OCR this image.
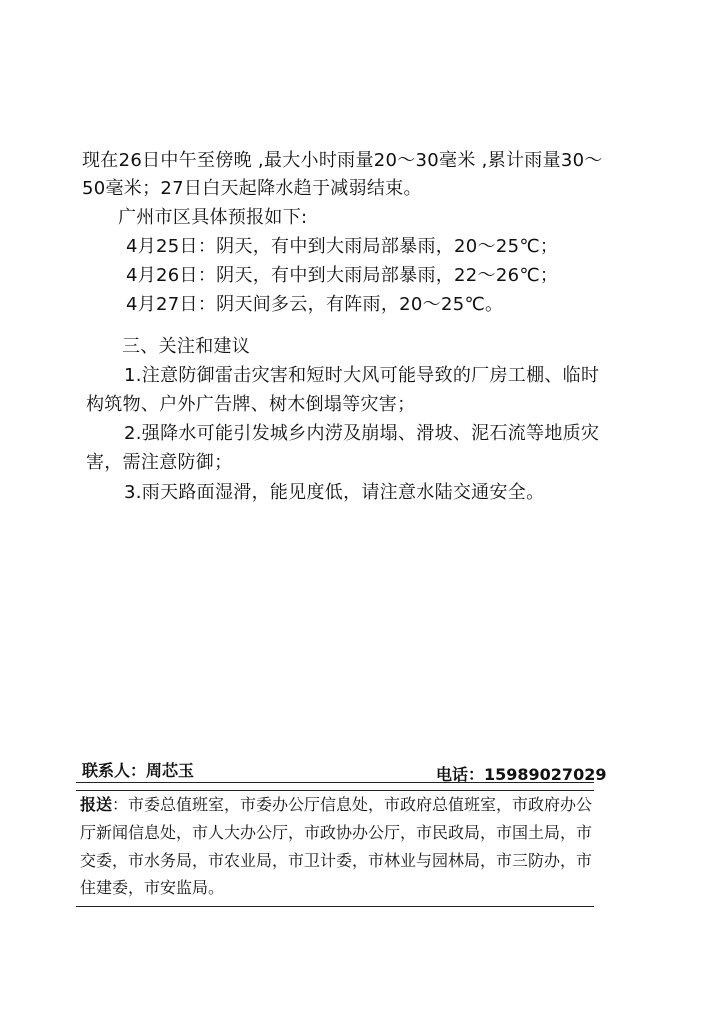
现在26日中午至傍晚 ,最大小时雨量20～30毫米 ,累计雨量30～
50毫米；27日白天起降水趋于减弱结束。
广州市区具体预报如下:
4月25日：阴天，有中到大雨局部暴雨，20～25℃；
4月26日：阴天，有中到大雨局部暴雨，22～26℃；
4月27日：阴天间多云，有阵雨，20～25℃。
三、关注和建议
1.注意防御雷击灾害和短时大风可能导致的厂房工棚、临时
构筑物、户外广告牌、树木倒塌等灾害；
2.强降水可能引发城乡内涝及崩塌、滑坡、泥石流等地质灾
害，需注意防御；
3.雨天路面湿滑，能见度低，请注意水陆交通安全。
联系人：周芯玉	电话：15989027029
报送：市委总值班室，市委办公厅信息处，市政府总值班室，市政府办公
厅新闻信息处，市人大办公厅，市政协办公厅，市民政局，市国土局，市
交委，市水务局，市农业局，市卫计委，市林业与园林局，市三防办，市
住建委，市安监局。
